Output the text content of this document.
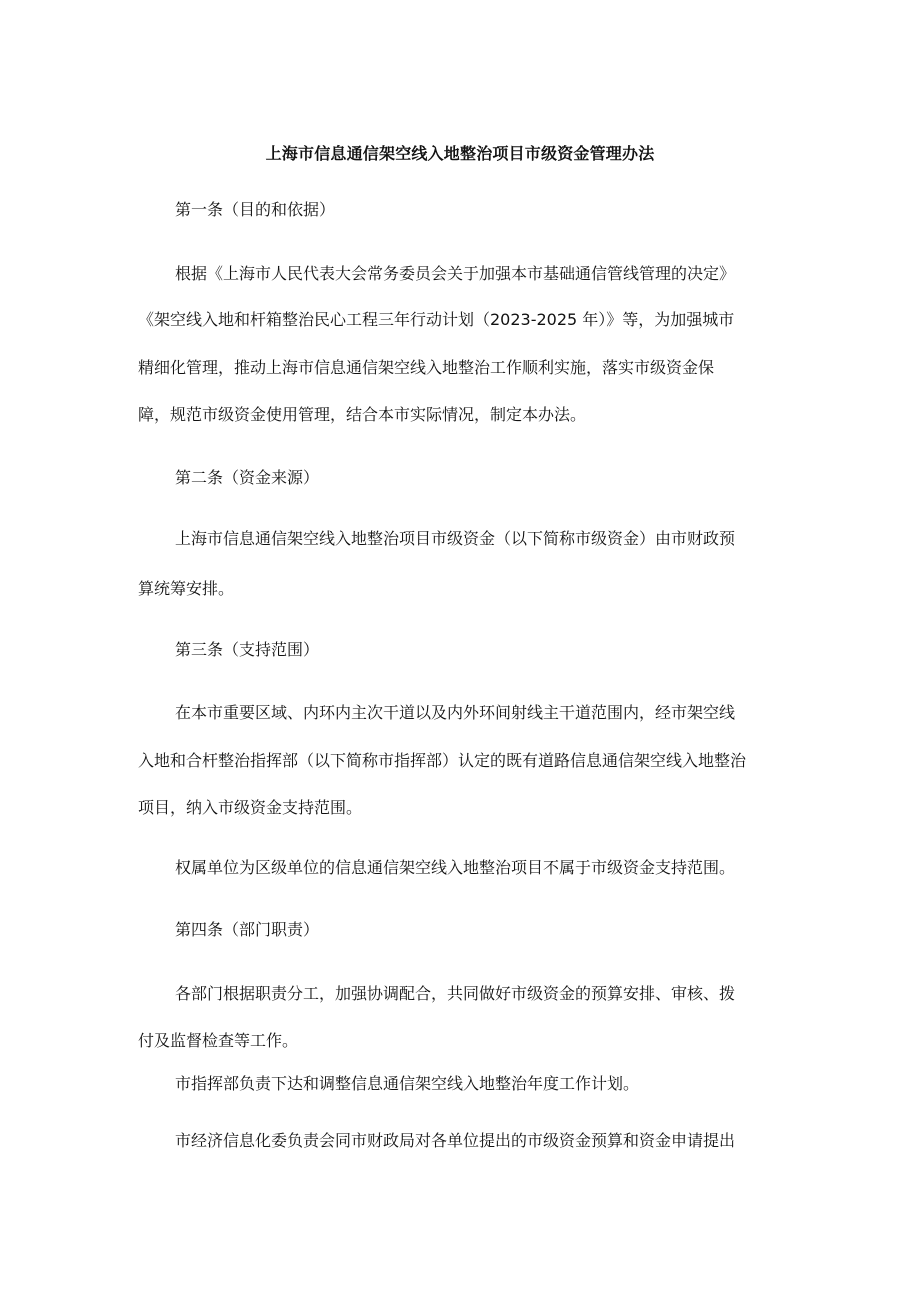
上海市信息通信架空线入地整治项目市级资金管理办法
第一条（目的和依据）
根据《上海市人民代表大会常务委员会关于加强本市基础通信管线管理的决定》
《架空线入地和杆箱整治民心工程三年行动计划（2023-2025 年）》等，为加强城市
精细化管理，推动上海市信息通信架空线入地整治工作顺利实施，落实市级资金保
障，规范市级资金使用管理，结合本市实际情况，制定本办法。
第二条（资金来源）
上海市信息通信架空线入地整治项目市级资金（以下简称市级资金）由市财政预
算统筹安排。
第三条（支持范围）
在本市重要区域、内环内主次干道以及内外环间射线主干道范围内，经市架空线
入地和合杆整治指挥部（以下简称市指挥部）认定的既有道路信息通信架空线入地整治
项目，纳入市级资金支持范围。
权属单位为区级单位的信息通信架空线入地整治项目不属于市级资金支持范围。
第四条（部门职责）
各部门根据职责分工，加强协调配合，共同做好市级资金的预算安排、审核、拨
付及监督检查等工作。
市指挥部负责下达和调整信息通信架空线入地整治年度工作计划。
市经济信息化委负责会同市财政局对各单位提出的市级资金预算和资金申请提出
